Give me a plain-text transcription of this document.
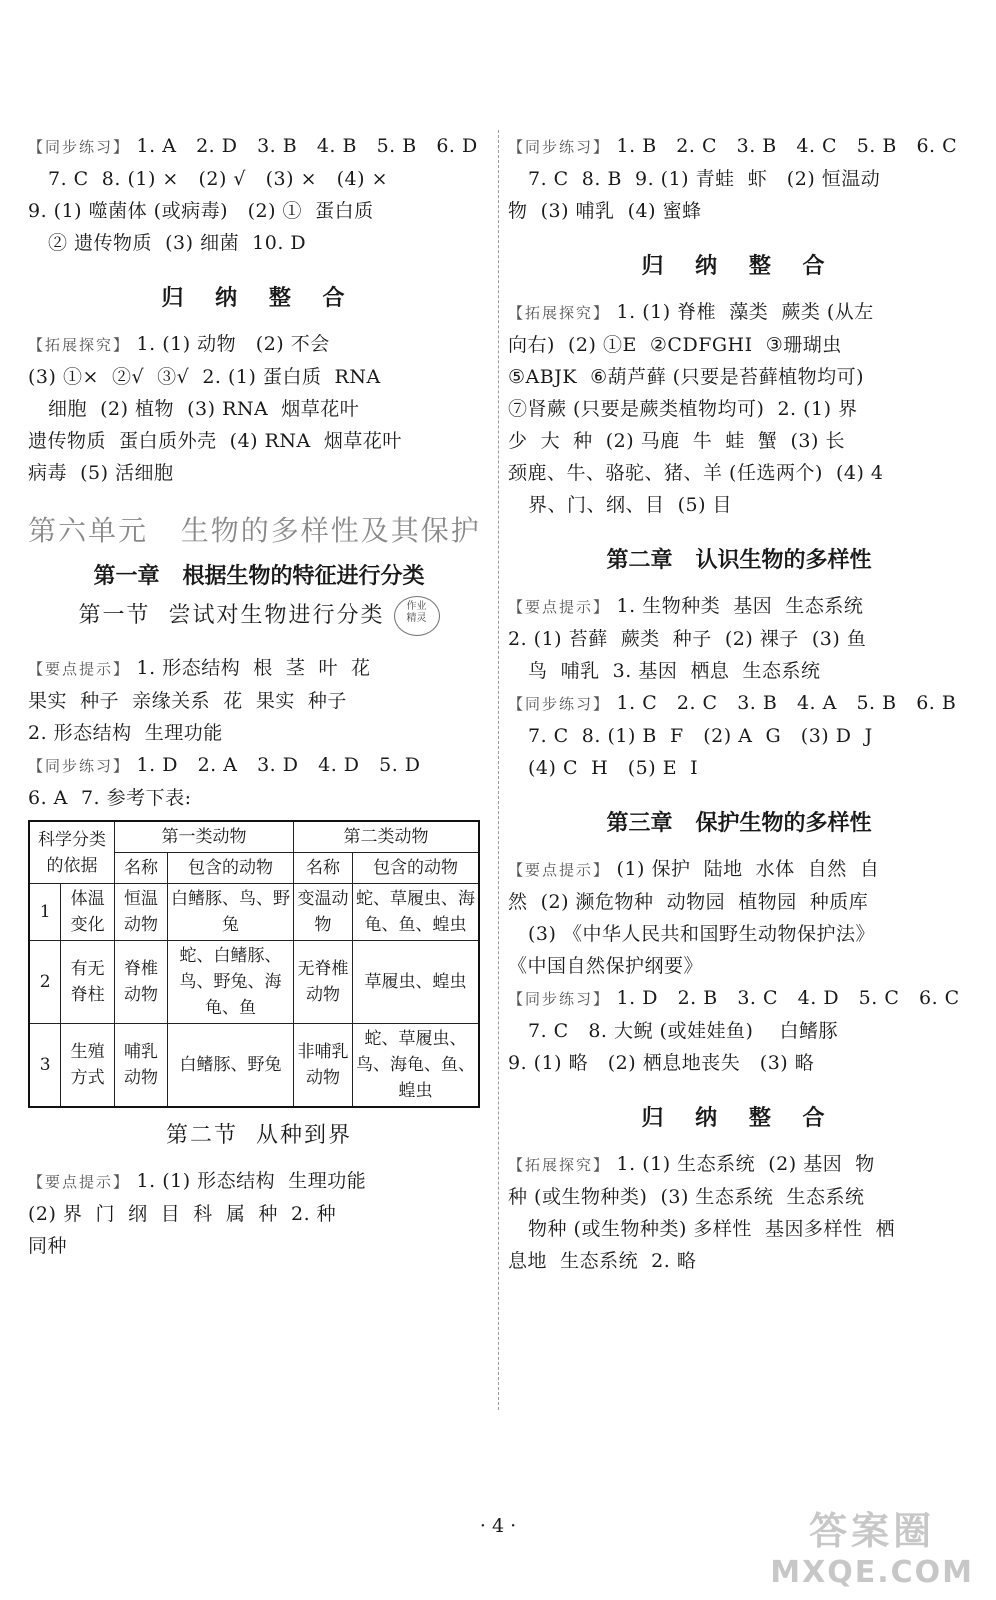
【同步练习】 1. A   2. D   3. B   4. B   5. B   6. D
7. C  8. (1) ×   (2) √   (3) ×   (4) ×
9. (1) 噬菌体 (或病毒)   (2) ①  蛋白质
② 遗传物质  (3) 细菌  10. D
归 纳 整 合
【拓展探究】 1. (1) 动物   (2) 不会
(3) ①×  ②√  ③√  2. (1) 蛋白质  RNA
细胞  (2) 植物  (3) RNA  烟草花叶
遗传物质  蛋白质外壳  (4) RNA  烟草花叶
病毒  (5) 活细胞
第六单元   生物的多样性及其保护
第一章   根据生物的特征进行分类
第一节  尝试对生物进行分类 作业
精灵
【要点提示】 1. 形态结构  根  茎  叶  花
果实  种子  亲缘关系  花  果实  种子
2. 形态结构  生理功能
【同步练习】 1. D   2. A   3. D   4. D   5. D
6. A  7. 参考下表:
科学分类的依据		第一类动物		第二类动物	
		名称	包含的动物	名称	包含的动物
1	体温变化	恒温动物	白鳍豚、鸟、野兔	变温动物	蛇、草履虫、海龟、鱼、蝗虫
2	有无脊柱	脊椎动物	蛇、白鳍豚、鸟、野兔、海龟、鱼	无脊椎动物	草履虫、蝗虫
3	生殖方式	哺乳动物	白鳍豚、野兔	非哺乳动物	蛇、草履虫、鸟、海龟、鱼、蝗虫
第二节  从种到界
【要点提示】 1. (1) 形态结构  生理功能
(2) 界  门  纲  目  科  属  种  2. 种
同种
【同步练习】 1. B   2. C   3. B   4. C   5. B   6. C
7. C  8. B  9. (1) 青蛙  虾   (2) 恒温动
物  (3) 哺乳  (4) 蜜蜂
归 纳 整 合
【拓展探究】 1. (1) 脊椎  藻类  蕨类 (从左
向右)  (2) ①E  ②CDFGHI  ③珊瑚虫
⑤ABJK  ⑥葫芦藓 (只要是苔藓植物均可)
⑦肾蕨 (只要是蕨类植物均可)  2. (1) 界
少  大  种  (2) 马鹿  牛  蛙  蟹  (3) 长
颈鹿、牛、骆驼、猪、羊 (任选两个)  (4) 4
界、门、纲、目  (5) 目
第二章   认识生物的多样性
【要点提示】 1. 生物种类  基因  生态系统
2. (1) 苔藓  蕨类  种子  (2) 裸子  (3) 鱼
鸟  哺乳  3. 基因  栖息  生态系统
【同步练习】 1. C   2. C   3. B   4. A   5. B   6. B
7. C  8. (1) B  F   (2) A  G   (3) D  J
(4) C  H   (5) E  I
第三章   保护生物的多样性
【要点提示】 (1) 保护  陆地  水体  自然  自
然  (2) 濒危物种  动物园  植物园  种质库
(3) 《中华人民共和国野生动物保护法》
《中国自然保护纲要》
【同步练习】 1. D   2. B   3. C   4. D   5. C   6. C
7. C   8. 大鲵 (或娃娃鱼)    白鳍豚
9. (1) 略   (2) 栖息地丧失   (3) 略
归 纳 整 合
【拓展探究】 1. (1) 生态系统  (2) 基因  物
种 (或生物种类)  (3) 生态系统  生态系统
物种 (或生物种类) 多样性  基因多样性  栖
息地  生态系统  2. 略
· 4 ·	答案圈
MXQE.COM
